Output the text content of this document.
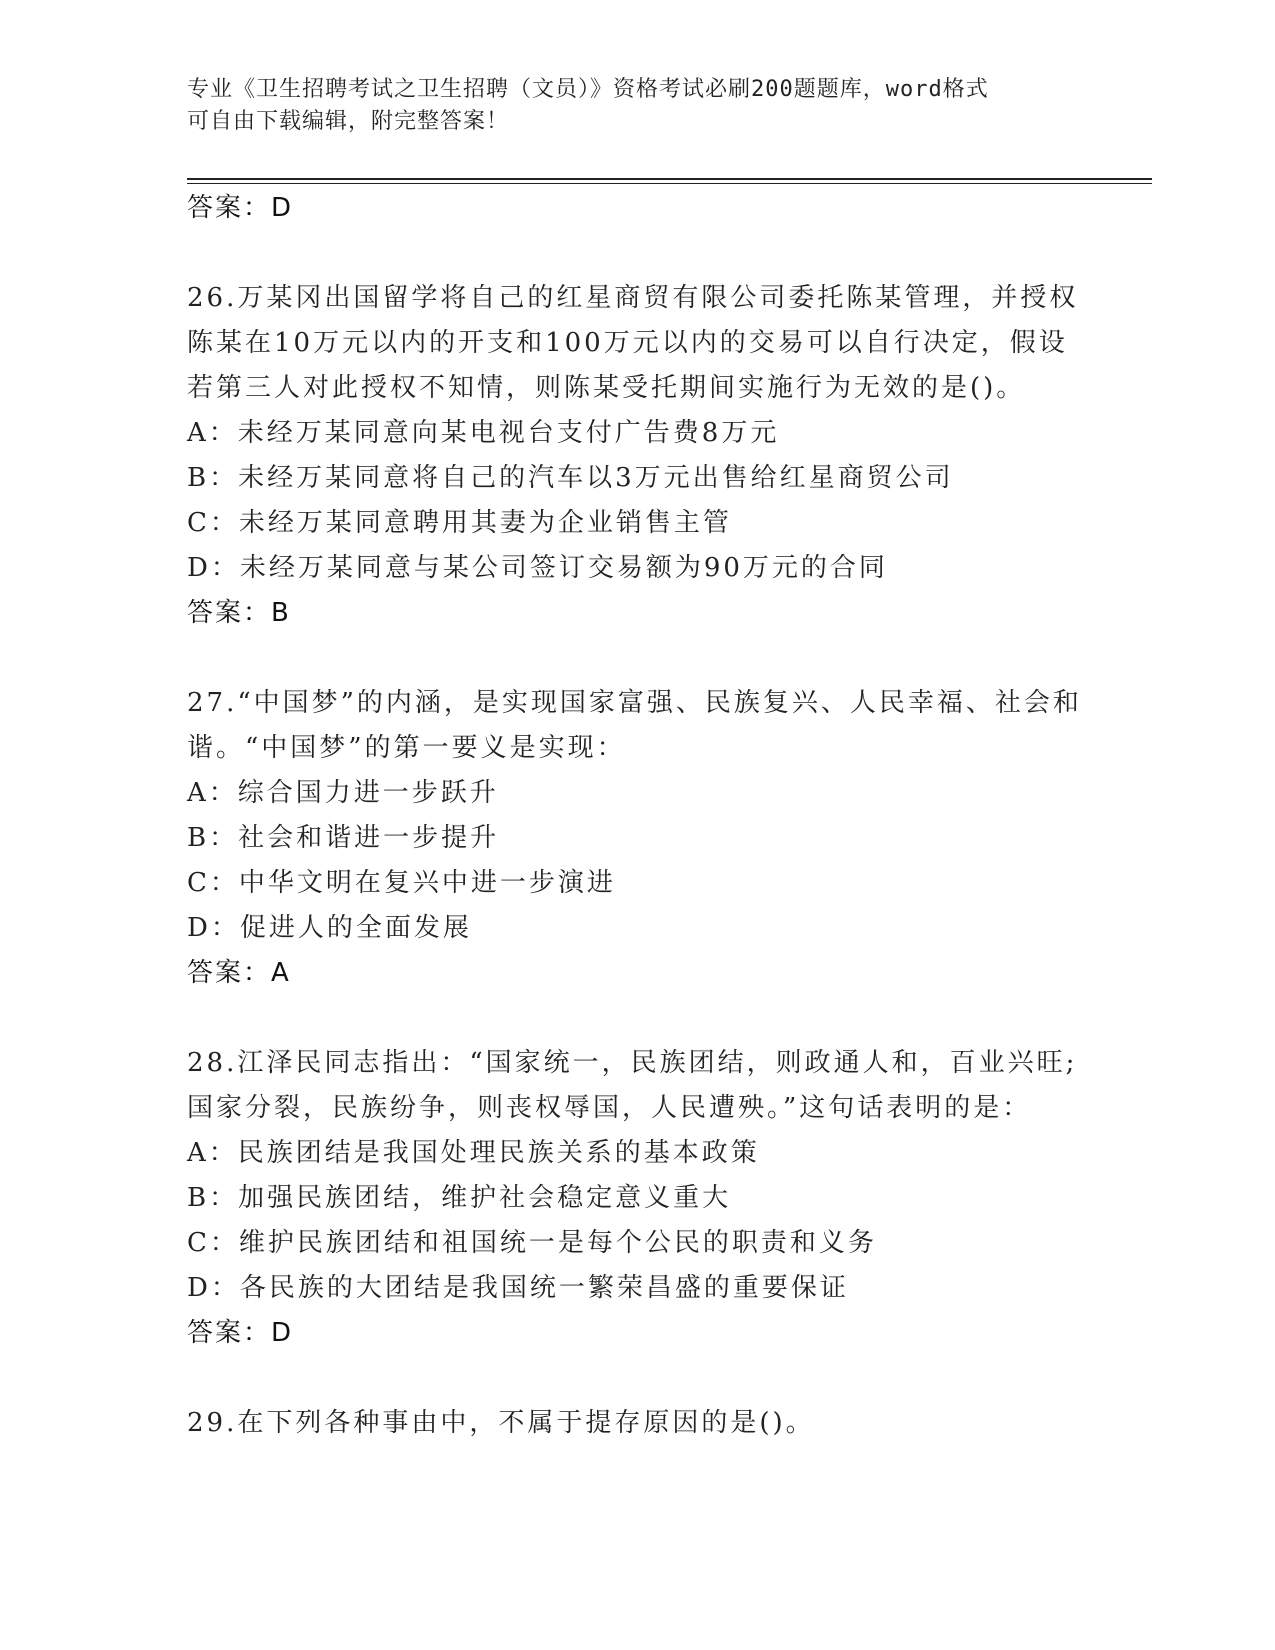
专业《卫生招聘考试之卫生招聘（文员）》资格考试必刷200题题库，word格式
可自由下载编辑，附完整答案！
答案：D

26.万某冈出国留学将自己的红星商贸有限公司委托陈某管理，并授权陈某在10万元以内的开支和100万元以内的交易可以自行决定，假设若第三人对此授权不知情，则陈某受托期间实施行为无效的是()。

A：未经万某同意向某电视台支付广告费8万元

B：未经万某同意将自己的汽车以3万元出售给红星商贸公司

C：未经万某同意聘用其妻为企业销售主管

D：未经万某同意与某公司签订交易额为90万元的合同

答案：B

27.“中国梦”的内涵，是实现国家富强、民族复兴、人民幸福、社会和谐。“中国梦”的第一要义是实现：

A：综合国力进一步跃升

B：社会和谐进一步提升

C：中华文明在复兴中进一步演进

D：促进人的全面发展

答案：A

28.江泽民同志指出：“国家统一，民族团结，则政通人和，百业兴旺;国家分裂，民族纷争，则丧权辱国，人民遭殃。”这句话表明的是：

A：民族团结是我国处理民族关系的基本政策

B：加强民族团结，维护社会稳定意义重大

C：维护民族团结和祖国统一是每个公民的职责和义务

D：各民族的大团结是我国统一繁荣昌盛的重要保证

答案：D

29.在下列各种事由中，不属于提存原因的是()。
